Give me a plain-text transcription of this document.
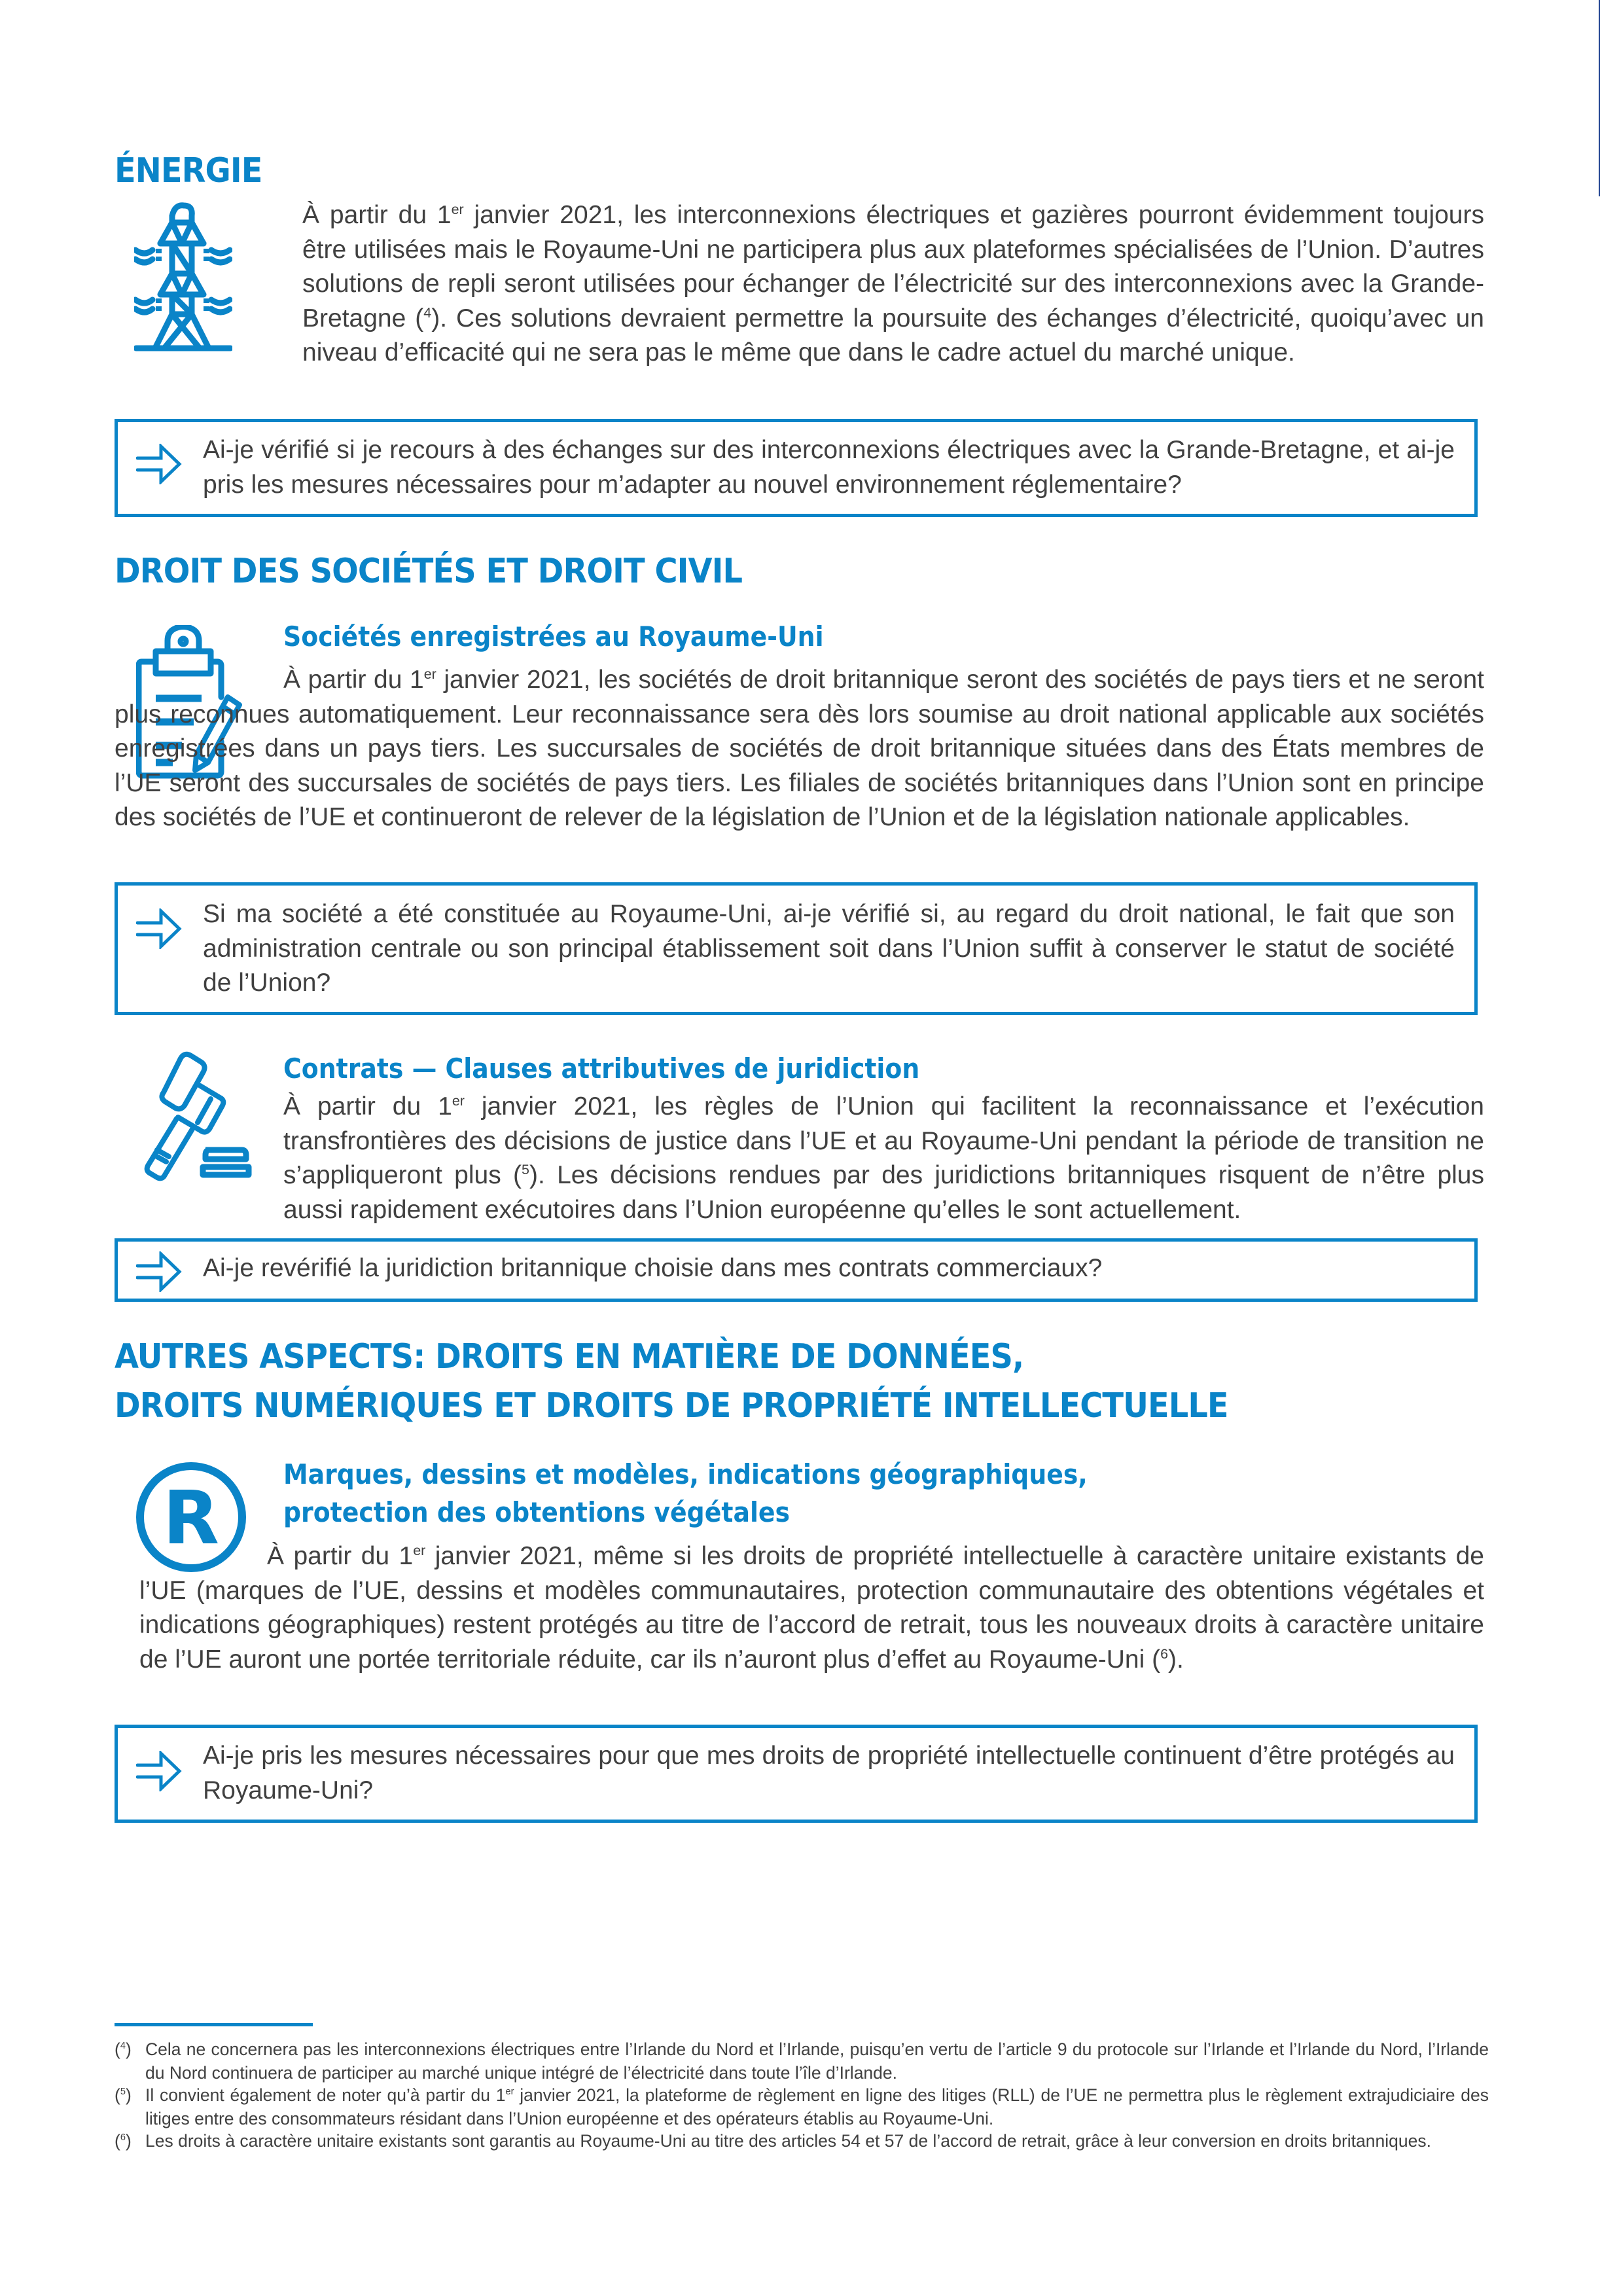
ÉNERGIE

À partir du 1er janvier 2021, les interconnexions électriques et gazières pourront évidemment toujours être utilisées mais le Royaume-Uni ne participera plus aux plateformes spécialisées de l’Union. D’autres solutions de repli seront utilisées pour échanger de l’électricité sur des interconnexions avec la Grande-Bretagne ($^4$). Ces solutions devraient permettre la poursuite des échanges d’électricité, quoiqu’avec un niveau d’efficacité qui ne sera pas le même que dans le cadre actuel du marché unique.

Ai-je vérifié si je recours à des échanges sur des interconnexions électriques avec la Grande-Bretagne, et ai-je pris les mesures nécessaires pour m’adapter au nouvel environnement réglementaire?
DROIT DES SOCIÉTÉS ET DROIT CIVIL
Sociétés enregistrées au Royaume-Uni

À partir du 1er janvier 2021, les sociétés de droit britannique seront des sociétés de pays tiers et ne seront plus reconnues automatiquement. Leur reconnaissance sera dès lors soumise au droit national applicable aux sociétés enregistrées dans un pays tiers. Les succursales de sociétés de droit britannique situées dans des États membres de l’UE seront des succursales de sociétés de pays tiers. Les filiales de sociétés britanniques dans l’Union sont en principe des sociétés de l’UE et continueront de relever de la législation de l’Union et de la législation nationale applicables.

Si ma société a été constituée au Royaume-Uni, ai-je vérifié si, au regard du droit national, le fait que son administration centrale ou son principal établissement soit dans l’Union suffit à conserver le statut de société de l’Union?
Contrats — Clauses attributives de juridiction

À partir du 1er janvier 2021, les règles de l’Union qui facilitent la reconnaissance et l’exécution transfrontières des décisions de justice dans l’UE et au Royaume-Uni pendant la période de transition ne s’appliqueront plus ($^5$). Les décisions rendues par des juridictions britanniques risquent de n’être plus aussi rapidement exécutoires dans l’Union européenne qu’elles le sont actuellement.

Ai-je revérifié la juridiction britannique choisie dans mes contrats commerciaux?
AUTRES ASPECTS: DROITS EN MATIÈRE DE DONNÉES,
DROITS NUMÉRIQUES ET DROITS DE PROPRIÉTÉ INTELLECTUELLE
R
Marques, dessins et modèles, indications géographiques,
protection des obtentions végétales

À partir du 1er janvier 2021, même si les droits de propriété intellectuelle à caractère unitaire existants de l’UE (marques de l’UE, dessins et modèles communautaires, protection communautaire des obtentions végétales et indications géographiques) restent protégés au titre de l’accord de retrait, tous les nouveaux droits à caractère unitaire de l’UE auront une portée territoriale réduite, car ils n’auront plus d’effet au Royaume-Uni ($^6$).

Ai-je pris les mesures nécessaires pour que mes droits de propriété intellectuelle continuent d’être protégés au Royaume-Uni?
($^4$) Cela ne concernera pas les interconnexions électriques entre l’Irlande du Nord et l’Irlande, puisqu’en vertu de l’article 9 du protocole sur l’Irlande et l’Irlande du Nord, l’Irlande du Nord continuera de participer au marché unique intégré de l’électricité dans toute l’île d’Irlande.
($^5$) Il convient également de noter qu’à partir du 1er janvier 2021, la plateforme de règlement en ligne des litiges (RLL) de l’UE ne permettra plus le règlement extrajudiciaire des litiges entre des consommateurs résidant dans l’Union européenne et des opérateurs établis au Royaume-Uni.
($^6$) Les droits à caractère unitaire existants sont garantis au Royaume-Uni au titre des articles 54 et 57 de l’accord de retrait, grâce à leur conversion en droits britanniques.
